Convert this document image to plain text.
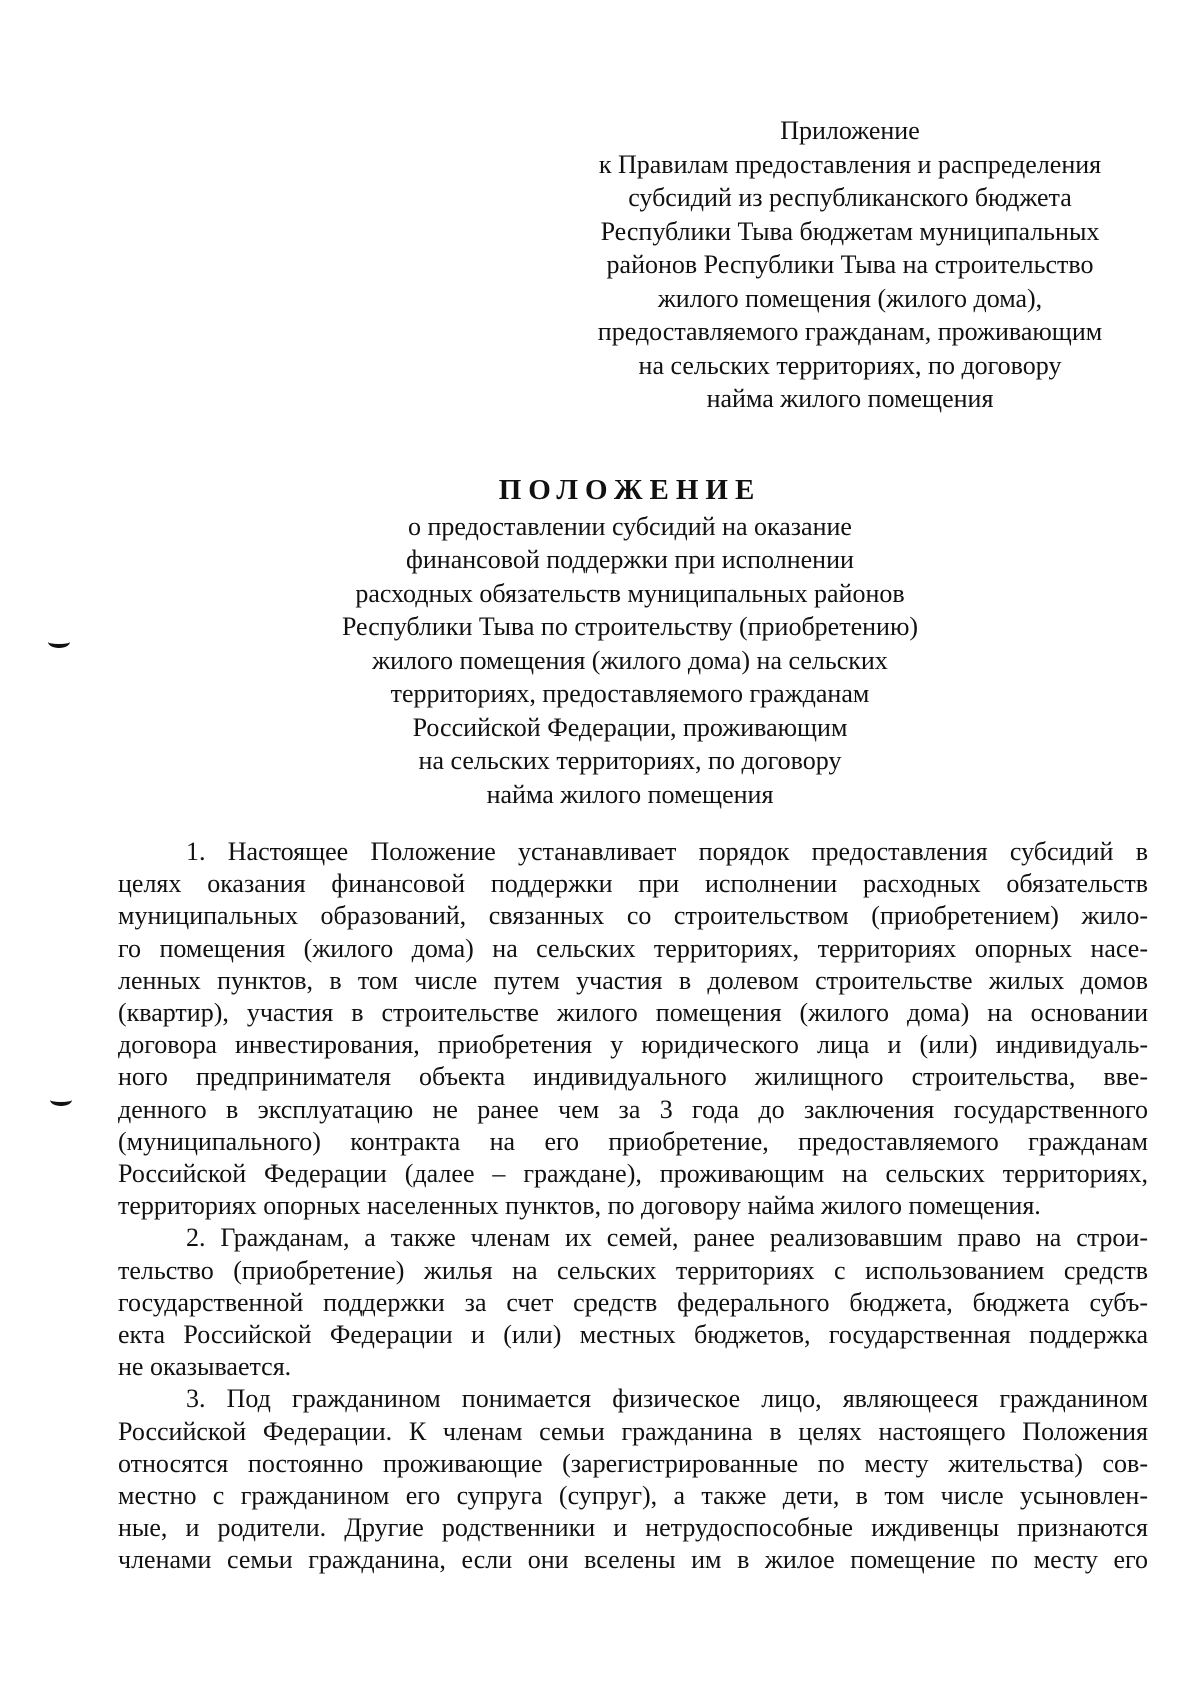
Приложение
к Правилам предоставления и распределения
субсидий из республиканского бюджета
Республики Тыва бюджетам муниципальных
районов Республики Тыва на строительство
жилого помещения (жилого дома),
предоставляемого гражданам, проживающим
на сельских территориях, по договору
найма жилого помещения
ПОЛОЖЕНИЕ
о предоставлении субсидий на оказание
финансовой поддержки при исполнении
расходных обязательств муниципальных районов
Республики Тыва по строительству (приобретению)
жилого помещения (жилого дома) на сельских
территориях, предоставляемого гражданам
Российской Федерации, проживающим
на сельских территориях, по договору
найма жилого помещения
1. Настоящее Положение устанавливает порядок предоставления субсидий в
целях оказания финансовой поддержки при исполнении расходных обязательств
муниципальных образований, связанных со строительством (приобретением) жило-
го помещения (жилого дома) на сельских территориях, территориях опорных насе-
ленных пунктов, в том числе путем участия в долевом строительстве жилых домов
(квартир), участия в строительстве жилого помещения (жилого дома) на основании
договора инвестирования, приобретения у юридического лица и (или) индивидуаль-
ного предпринимателя объекта индивидуального жилищного строительства, вве-
денного в эксплуатацию не ранее чем за 3 года до заключения государственного
(муниципального) контракта на его приобретение, предоставляемого гражданам
Российской Федерации (далее – граждане), проживающим на сельских территориях,
территориях опорных населенных пунктов, по договору найма жилого помещения.
2. Гражданам, а также членам их семей, ранее реализовавшим право на строи-
тельство (приобретение) жилья на сельских территориях с использованием средств
государственной поддержки за счет средств федерального бюджета, бюджета субъ-
екта Российской Федерации и (или) местных бюджетов, государственная поддержка
не оказывается.
3. Под гражданином понимается физическое лицо, являющееся гражданином
Российской Федерации. К членам семьи гражданина в целях настоящего Положения
относятся постоянно проживающие (зарегистрированные по месту жительства) сов-
местно с гражданином его супруга (супруг), а также дети, в том числе усыновлен-
ные, и родители. Другие родственники и нетрудоспособные иждивенцы признаются
членами семьи гражданина, если они вселены им в жилое помещение по месту его
